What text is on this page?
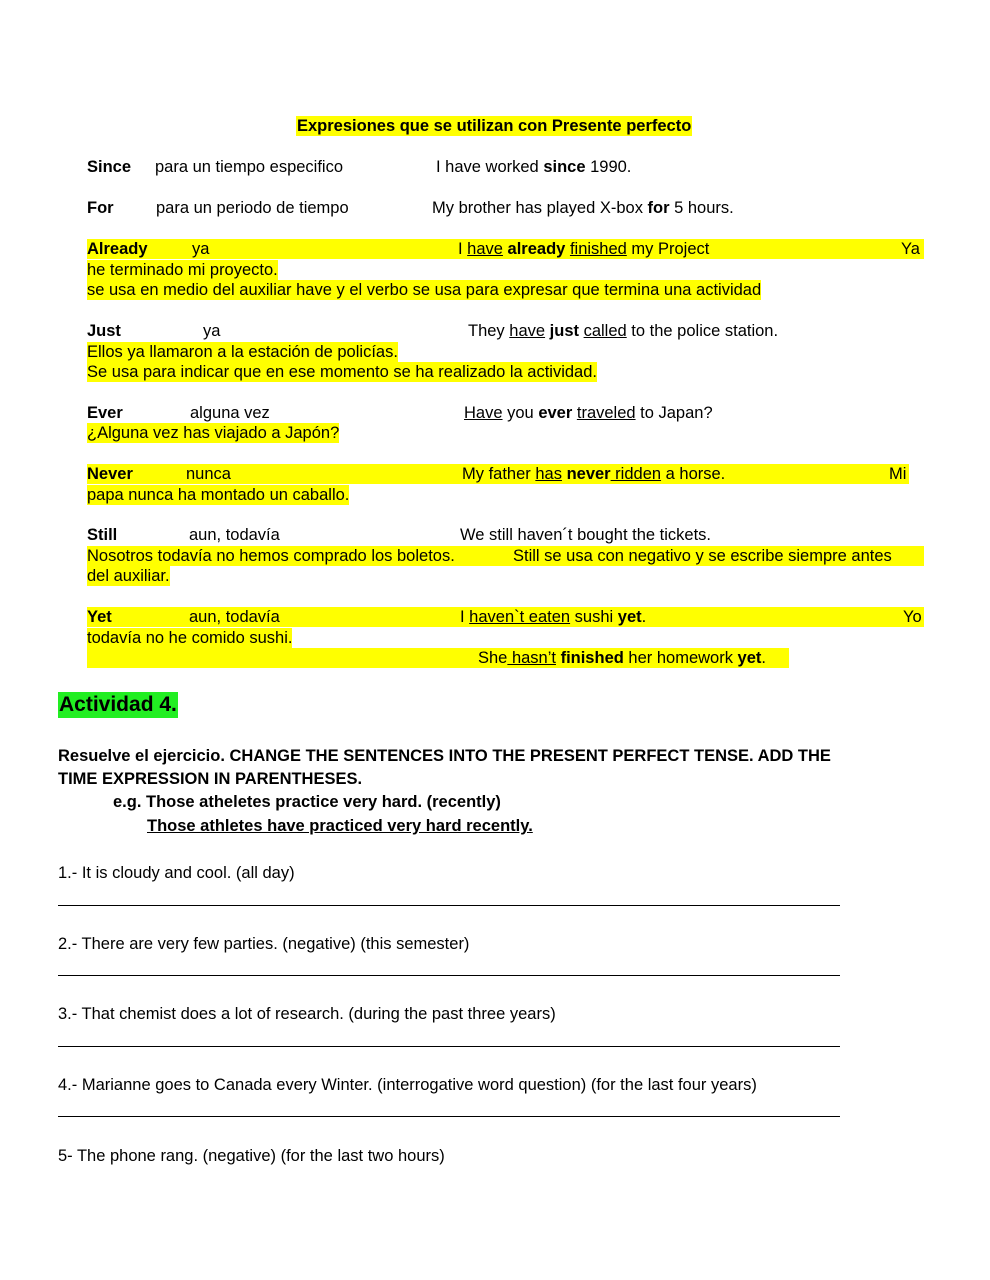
Expresiones que se utilizan con Presente perfecto
Since para un tiempo especifico	I have worked since 1990.
For	para un periodo de tiempo	My brother has played X-box for 5 hours.
Already	ya	I have already finished my Project	Ya
he terminado mi proyecto.
se usa en medio del auxiliar have y el verbo se usa para expresar que termina una actividad
Just	ya	They have just called to the police station.
Ellos ya llamaron a la estación de policías.
Se usa para indicar que en ese momento se ha realizado la actividad.
Ever	alguna vez	Have you ever traveled to Japan?
¿Alguna vez has viajado a Japón?
Never	nunca	My father has never ridden a horse.	Mi
papa nunca ha montado un caballo.
Still	aun, todavía	We still haven´t bought the tickets.
Nosotros todavía no hemos comprado los boletos.	Still se usa con negativo y se escribe siempre antes
del auxiliar.
Yet	aun, todavía	I haven`t eaten sushi yet.	Yo
todavía no he comido sushi.
She hasn’t finished her homework yet.
Actividad 4.
Resuelve el ejercicio. CHANGE THE SENTENCES INTO THE PRESENT PERFECT TENSE. ADD THE
TIME EXPRESSION IN PARENTHESES.
e.g. Those atheletes practice very hard. (recently)
Those athletes have practiced very hard recently.
1.- It is cloudy and cool. (all day)
2.- There are very few parties. (negative) (this semester)
3.- That chemist does a lot of research. (during the past three years)
4.- Marianne goes to Canada every Winter. (interrogative word question) (for the last four years)
5- The phone rang. (negative) (for the last two hours)
